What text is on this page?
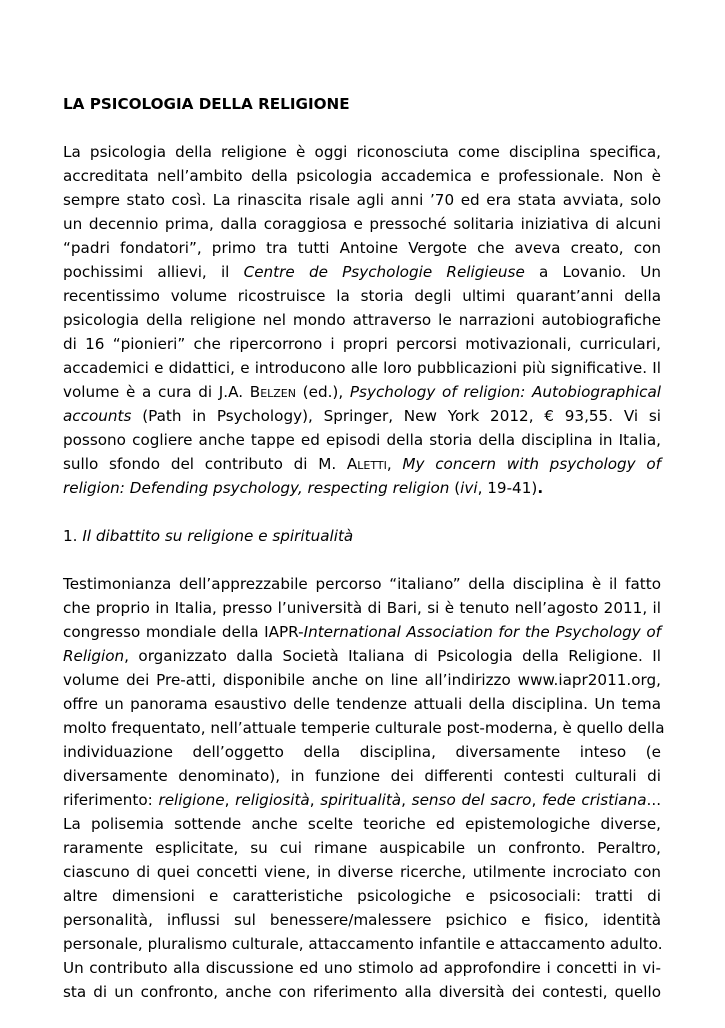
LA PSICOLOGIA DELLA RELIGIONE
La psicologia della religione è oggi riconosciuta come disciplina specifica,
accreditata nell’ambito della psicologia accademica e professionale. Non è
sempre stato così. La rinascita risale agli anni ’70 ed era stata avviata, solo
un decennio prima, dalla coraggiosa e pressoché solitaria iniziativa di alcuni
“padri fondatori”, primo tra tutti Antoine Vergote che aveva creato, con
pochissimi allievi, il Centre de Psychologie Religieuse a Lovanio. Un
recentissimo volume ricostruisce la storia degli ultimi quarant’anni della
psicologia della religione nel mondo attraverso le narrazioni autobiografiche
di 16 “pionieri” che ripercorrono i propri percorsi motivazionali, curriculari,
accademici e didattici, e introducono alle loro pubblicazioni più significative. Il
volume è a cura di J.A. Belzen (ed.), Psychology of religion: Autobiographical
accounts (Path in Psychology), Springer, New York 2012, € 93,55. Vi si
possono cogliere anche tappe ed episodi della storia della disciplina in Italia,
sullo sfondo del contributo di M. Aletti, My concern with psychology of
religion: Defending psychology, respecting religion (ivi, 19-41).
1. Il dibattito su religione e spiritualità
Testimonianza dell’apprezzabile percorso “italiano” della disciplina è il fatto
che proprio in Italia, presso l’università di Bari, si è tenuto nell’agosto 2011, il
congresso mondiale della IAPR-International Association for the Psychology of
Religion, organizzato dalla Società Italiana di Psicologia della Religione. Il
volume dei Pre-atti, disponibile anche on line all’indirizzo www.iapr2011.org,
offre un panorama esaustivo delle tendenze attuali della disciplina. Un tema
molto frequentato, nell’attuale temperie culturale post-moderna, è quello della
individuazione dell’oggetto della disciplina, diversamente inteso (e
diversamente denominato), in funzione dei differenti contesti culturali di
riferimento: religione, religiosità, spiritualità, senso del sacro, fede cristiana...
La polisemia sottende anche scelte teoriche ed epistemologiche diverse,
raramente esplicitate, su cui rimane auspicabile un confronto. Peraltro,
ciascuno di quei concetti viene, in diverse ricerche, utilmente incrociato con
altre dimensioni e caratteristiche psicologiche e psicosociali: tratti di
personalità, influssi sul benessere/malessere psichico e fisico, identità
personale, pluralismo culturale, attaccamento infantile e attaccamento adulto.
Un contributo alla discussione ed uno stimolo ad approfondire i concetti in vi-
sta di un confronto, anche con riferimento alla diversità dei contesti, quello
